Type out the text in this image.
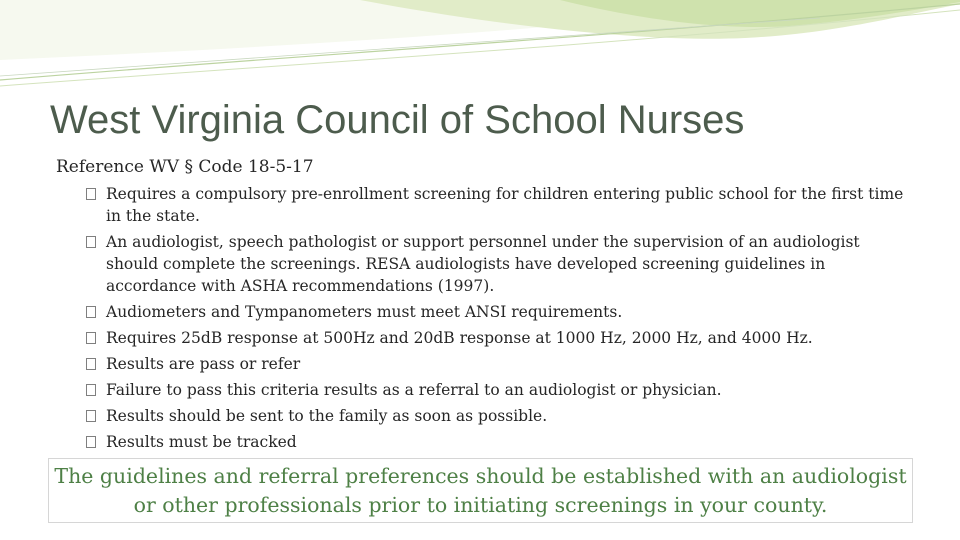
West Virginia Council of School Nurses
Reference WV § Code 18-5-17
Requires a compulsory pre-enrollment screening for children entering public school for the first time in the state.
An audiologist, speech pathologist or support personnel under the supervision of an audiologist should complete the screenings. RESA audiologists have developed screening guidelines in accordance with ASHA recommendations (1997).
Audiometers and Tympanometers must meet ANSI requirements.
Requires 25dB response at 500Hz and 20dB response at 1000 Hz, 2000 Hz, and 4000 Hz.
Results are pass or refer
Failure to pass this criteria results as a referral to an audiologist or physician.
Results should be sent to the family as soon as possible.
Results must be tracked
The guidelines and referral preferences should be established with an audiologist or other professionals prior to initiating screenings in your county.
